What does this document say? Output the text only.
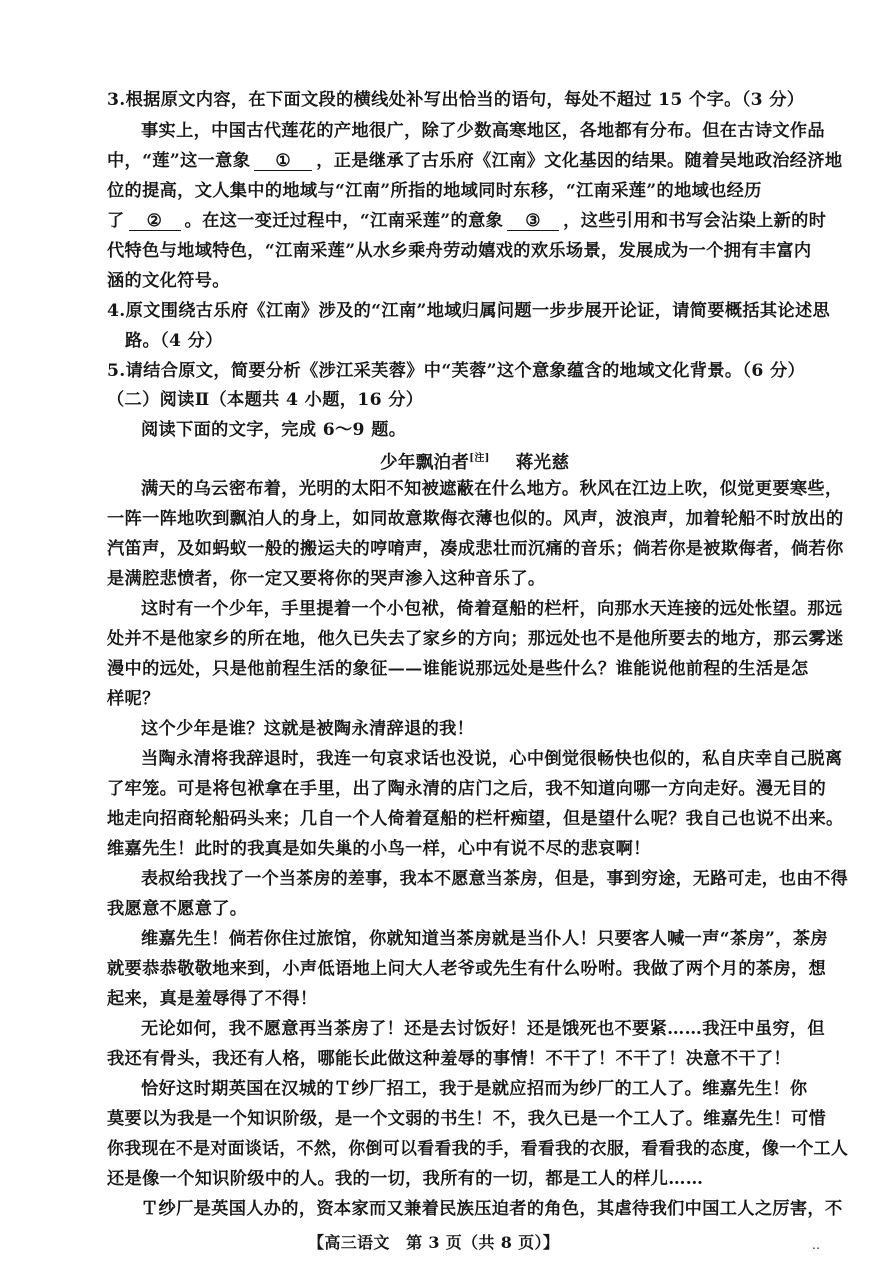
3.根据原文内容，在下面文段的横线处补写出恰当的语句，每处不超过 15 个字。（3 分）
事实上，中国古代莲花的产地很广，除了少数高寒地区，各地都有分布。但在古诗文作品
中，“莲”这一意象 ① ，正是继承了古乐府《江南》文化基因的结果。随着吴地政治经济地
位的提高，文人集中的地域与“江南”所指的地域同时东移，“江南采莲”的地域也经历
了 ② 。在这一变迁过程中，“江南采莲”的意象 ③ ，这些引用和书写会沾染上新的时
代特色与地域特色，“江南采莲”从水乡乘舟劳动嬉戏的欢乐场景，发展成为一个拥有丰富内
涵的文化符号。
4.原文围绕古乐府《江南》涉及的“江南”地域归属问题一步步展开论证，请简要概括其论述思
路。（4 分）
5.请结合原文，简要分析《涉江采芙蓉》中“芙蓉”这个意象蕴含的地域文化背景。（6 分）
（二）阅读Ⅱ（本题共 4 小题，16 分）
阅读下面的文字，完成 6～9 题。
少年飘泊者[注] 蒋光慈
满天的乌云密布着，光明的太阳不知被遮蔽在什么地方。秋风在江边上吹，似觉更要寒些，
一阵一阵地吹到飘泊人的身上，如同故意欺侮衣薄也似的。风声，波浪声，加着轮船不时放出的
汽笛声，及如蚂蚁一般的搬运夫的哼唷声，凑成悲壮而沉痛的音乐；倘若你是被欺侮者，倘若你
是满腔悲愤者，你一定又要将你的哭声渗入这种音乐了。
这时有一个少年，手里提着一个小包袱，倚着趸船的栏杆，向那水天连接的远处怅望。那远
处并不是他家乡的所在地，他久已失去了家乡的方向；那远处也不是他所要去的地方，那云雾迷
漫中的远处，只是他前程生活的象征——谁能说那远处是些什么？谁能说他前程的生活是怎
样呢？
这个少年是谁？这就是被陶永清辞退的我！
当陶永清将我辞退时，我连一句哀求话也没说，心中倒觉很畅快也似的，私自庆幸自己脱离
了牢笼。可是将包袱拿在手里，出了陶永清的店门之后，我不知道向哪一方向走好。漫无目的
地走向招商轮船码头来；几自一个人倚着趸船的栏杆痴望，但是望什么呢？我自己也说不出来。
维嘉先生！此时的我真是如失巢的小鸟一样，心中有说不尽的悲哀啊！
表叔给我找了一个当茶房的差事，我本不愿意当茶房，但是，事到穷途，无路可走，也由不得
我愿意不愿意了。
维嘉先生！倘若你住过旅馆，你就知道当茶房就是当仆人！只要客人喊一声“茶房”，茶房
就要恭恭敬敬地来到，小声低语地上问大人老爷或先生有什么吩咐。我做了两个月的茶房，想
起来，真是羞辱得了不得！
无论如何，我不愿意再当茶房了！还是去讨饭好！还是饿死也不要紧……我汪中虽穷，但
我还有骨头，我还有人格，哪能长此做这种羞辱的事情！不干了！不干了！决意不干了！
恰好这时期英国在汉城的Ｔ纱厂招工，我于是就应招而为纱厂的工人了。维嘉先生！你
莫要以为我是一个知识阶级，是一个文弱的书生！不，我久已是一个工人了。维嘉先生！可惜
你我现在不是对面谈话，不然，你倒可以看看我的手，看看我的衣服，看看我的态度，像一个工人
还是像一个知识阶级中的人。我的一切，我所有的一切，都是工人的样儿……
Ｔ纱厂是英国人办的，资本家而又兼着民族压迫者的角色，其虐待我们中国工人之厉害，不
【高三语文　第 3 页（共 8 页）】	..
